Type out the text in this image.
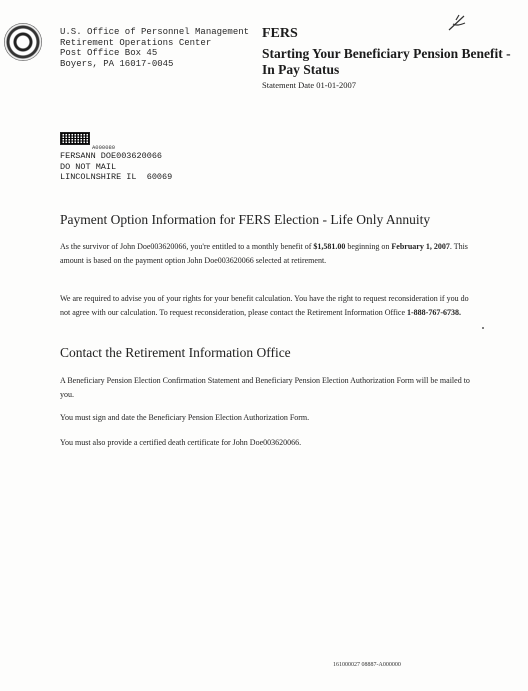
U.S. Office of Personnel Management
Retirement Operations Center
Post Office Box 45
Boyers, PA 16017-0045
FERS
Starting Your Beneficiary Pension Benefit - In Pay Status
Statement Date 01-01-2007
A000080
FERSANN DOE003620066
DO NOT MAIL
LINCOLNSHIRE IL  60069
Payment Option Information for FERS Election - Life Only Annuity
As the survivor of John Doe003620066, you're entitled to a monthly benefit of $1,581.00 beginning on February 1, 2007. This amount is based on the payment option John Doe003620066 selected at retirement.
We are required to advise you of your rights for your benefit calculation. You have the right to request reconsideration if you do not agree with our calculation. To request reconsideration, please contact the Retirement Information Office 1-888-767-6738.
Contact the Retirement Information Office
A Beneficiary Pension Election Confirmation Statement and Beneficiary Pension Election Authorization Form will be mailed to you.
You must sign and date the Beneficiary Pension Election Authorization Form.
You must also provide a certified death certificate for John Doe003620066.
161000027 08887-A000000
